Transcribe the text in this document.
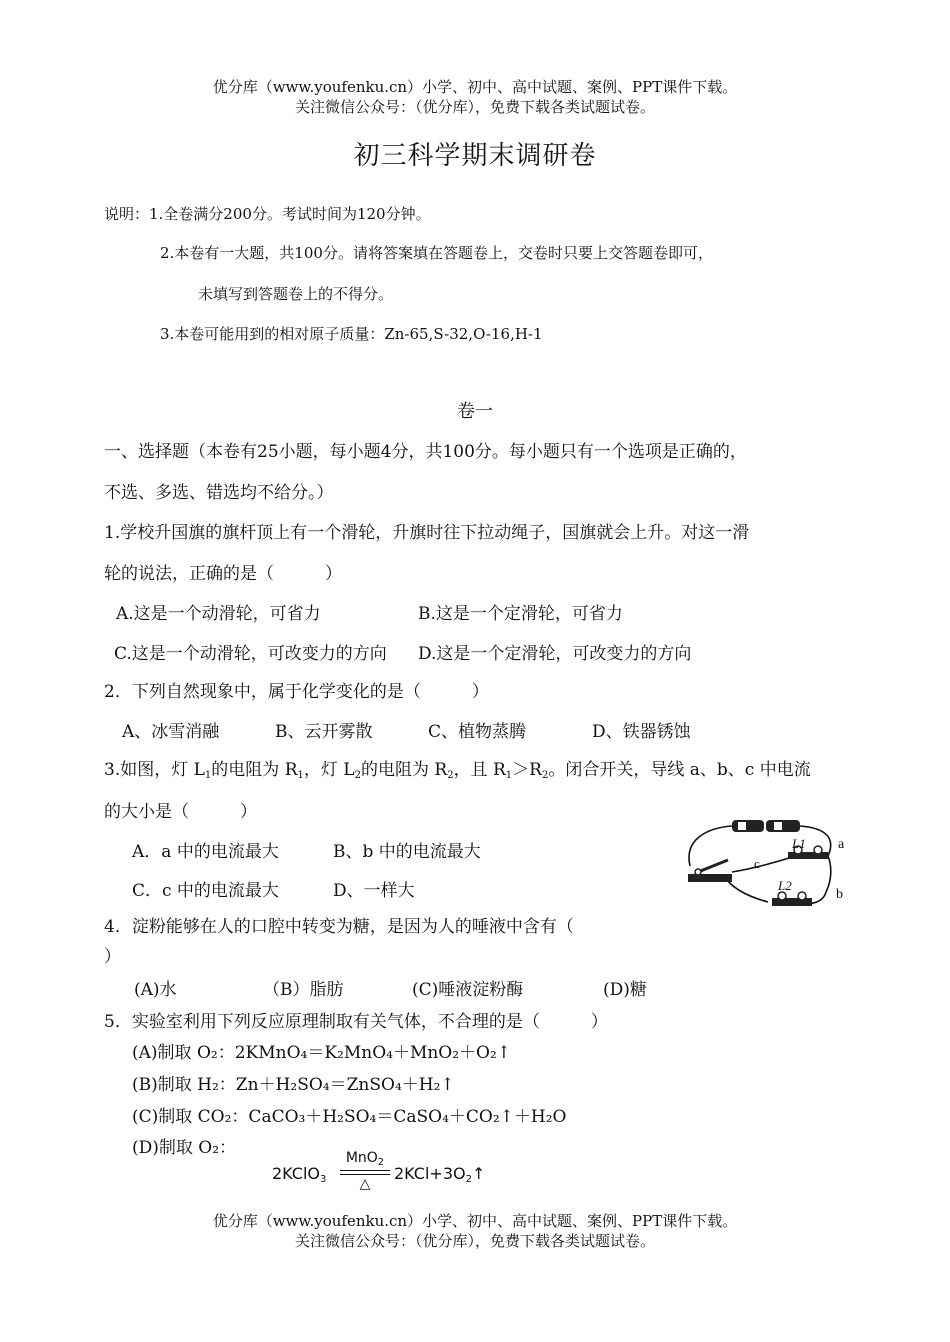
优分库（www.youfenku.cn）小学、初中、高中试题、案例、PPT课件下载。
关注微信公众号：（优分库），免费下载各类试题试卷。
初三科学期末调研卷
说明：1.全卷满分200分。考试时间为120分钟。
2.本卷有一大题，共100分。请将答案填在答题卷上，交卷时只要上交答题卷即可，
未填写到答题卷上的不得分。
3.本卷可能用到的相对原子质量：Zn-65,S-32,O-16,H-1
卷一
一、选择题（本卷有25小题，每小题4分，共100分。每小题只有一个选项是正确的，
不选、多选、错选均不给分。）
1.学校升国旗的旗杆顶上有一个滑轮，升旗时往下拉动绳子，国旗就会上升。对这一滑
轮的说法，正确的是（　　　）
A.这是一个动滑轮，可省力	B.这是一个定滑轮，可省力
C.这是一个动滑轮，可改变力的方向 D.这是一个定滑轮，可改变力的方向
2．下列自然现象中，属于化学变化的是（　　　）
A、冰雪消融	B、云开雾散	C、植物蒸腾	D、铁器锈蚀
3.如图，灯 $L_1$的电阻为 $R_1$，灯 $L_2$的电阻为 $R_2$，且 $R_1>R_2$。闭合开关，导线 a、b、c 中电流
的大小是（　　　）
A．a 中的电流最大	B、b 中的电流最大
C．c 中的电流最大	D、一样大
a
b
c
L1
L2
4．淀粉能够在人的口腔中转变为糖，是因为人的唾液中含有（
）
(A)水	（B）脂肪	(C)唾液淀粉酶	(D)糖
5．实验室利用下列反应原理制取有关气体，不合理的是（　　　）
(A)制取 O₂：2KMnO₄＝K₂MnO₄＋MnO₂＋O₂↑
(B)制取 H₂：Zn＋H₂SO₄＝ZnSO₄＋H₂↑
(C)制取 CO₂：CaCO₃＋H₂SO₄＝CaSO₄＋CO₂↑＋H₂O
(D)制取 O₂：
2KClO$_3$
MnO$_2$
△
$2KCl+3O_2↑$
优分库（www.youfenku.cn）小学、初中、高中试题、案例、PPT课件下载。
关注微信公众号：（优分库），免费下载各类试题试卷。
